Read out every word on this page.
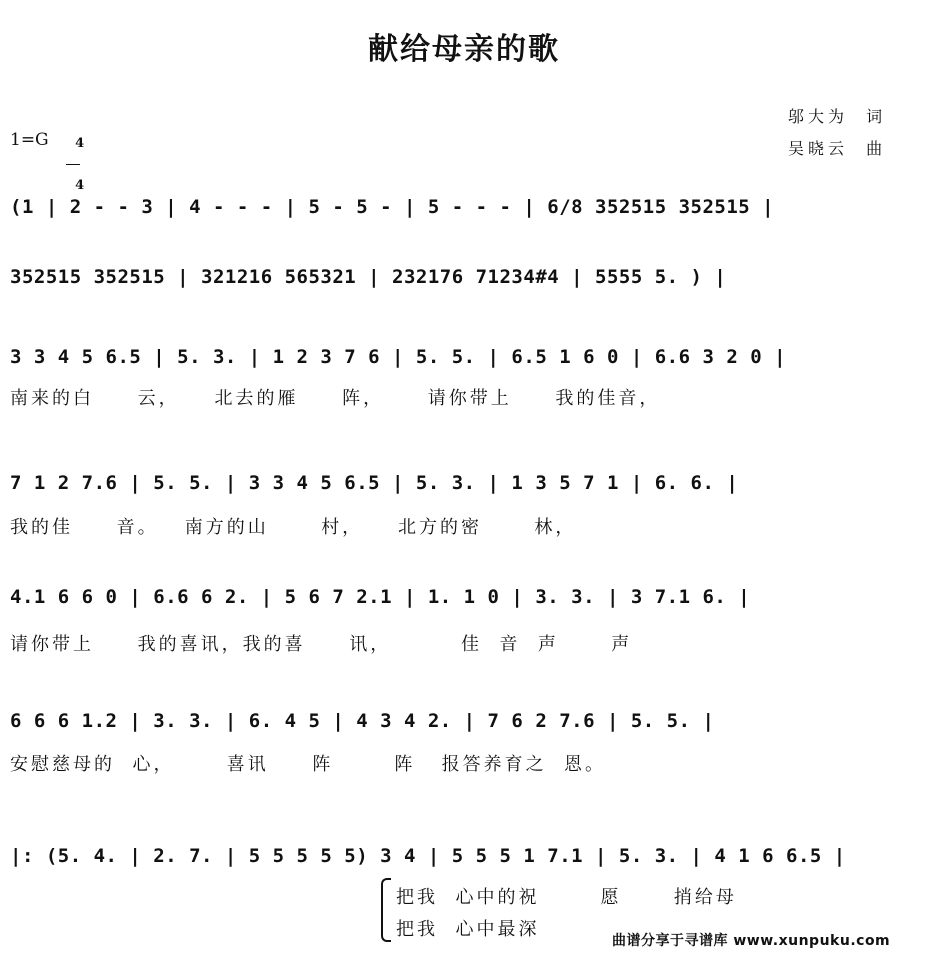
献给母亲的歌
邬大为  词
吴晓云  曲
1=G	4

4

(1 | 2 - - 3 | 4 - - - | 5 - 5 - | 5 - - - | 6/8 352515 352515 |
352515 352515 | 321216 565321 | 232176 71234#4 | 5555 5. ) |
3 3 4 5 6.5 | 5. 3. | 1 2 3 7 6 | 5. 5. | 6.5 1 6 0 | 6.6 3 2 0 |
南来的白     云，    北去的雁     阵，     请你带上     我的佳音，
7 1 2 7.6 | 5. 5. | 3 3 4 5 6.5 | 5. 3. | 1 3 5 7 1 | 6. 6. |
我的佳     音。   南方的山      村，    北方的密      林，
4.1 6 6 0 | 6.6 6 2. | 5 6 7 2.1 | 1. 1 0 | 3. 3. | 3 7.1 6. |
请你带上     我的喜讯，我的喜     讯，        佳  音  声      声
6 6 6 1.2 | 3. 3. | 6. 4 5 | 4 3 4 2. | 7 6 2 7.6 | 5. 5. |
安慰慈母的  心，      喜讯     阵       阵   报答养育之  恩。
|: (5. 4. | 2. 7. | 5 5 5 5 5) 3 4 | 5 5 5 1 7.1 | 5. 3. | 4 1 6 6.5 |
把我  心中的祝       愿      捎给母
把我  心中最深
曲谱分享于寻谱库 www.xunpuku.com
